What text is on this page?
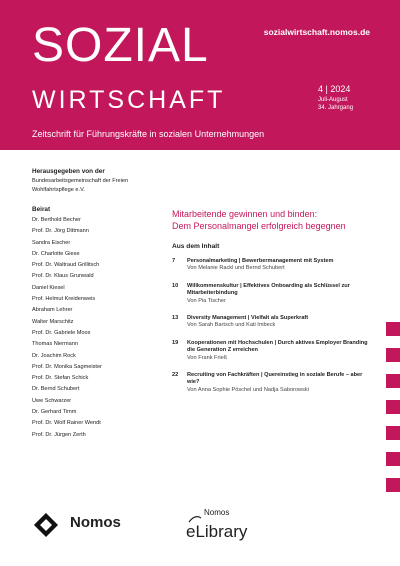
SOZIAL
WIRTSCHAFT
sozialwirtschaft.nomos.de
4 | 2024
Juli-August
34. Jahrgang
Zeitschrift für Führungskräfte in sozialen Unternehmungen
Herausgegeben von der
Bundesarbeitsgemeinschaft der Freien Wohlfahrtspflege e.V.
Beirat
Dr. Berthold Becher
Prof. Dr. Jörg Dittmann
Sandra Eischer
Dr. Charlotte Giese
Prof. Dr. Waltraud Grillitsch
Prof. Dr. Klaus Grunwald
Daniel Kiesel
Prof. Helmut Kreidenweis
Abraham Lehrer
Walter Marschitz
Prof. Dr. Gabriele Moos
Thomas Niermann
Dr. Joachim Rock
Prof. Dr. Monika Sagmeister
Prof. Dr. Stefan Schick
Dr. Bernd Schubert
Uwe Schwarzer
Dr. Gerhard Timm
Prof. Dr. Wolf Rainer Wendt
Prof. Dr. Jürgen Zerth
Mitarbeitende gewinnen und binden:
Dem Personalmangel erfolgreich begegnen
Aus dem Inhalt
7 Personalmarketing | Bewerbermanagement mit System
Von Melanie Rackl und Bernd Schubert
10 Willkommenskultur | Effektives Onboarding als Schlüssel zur Mitarbeiterbindung
Von Pia Tischer
13 Diversity Management | Vielfalt als Superkraft
Von Sarah Bartsch und Kati Imbeck
19 Kooperationen mit Hochschulen | Durch aktives Employer Branding die Generation Z erreichen
Von Frank Frieß
22 Recruiting von Fachkräften | Quereinstieg in soziale Berufe – aber wie?
Von Anna Sophie Pöschel und Nadja Saborowski
Nomos
Nomos
eLibrary
